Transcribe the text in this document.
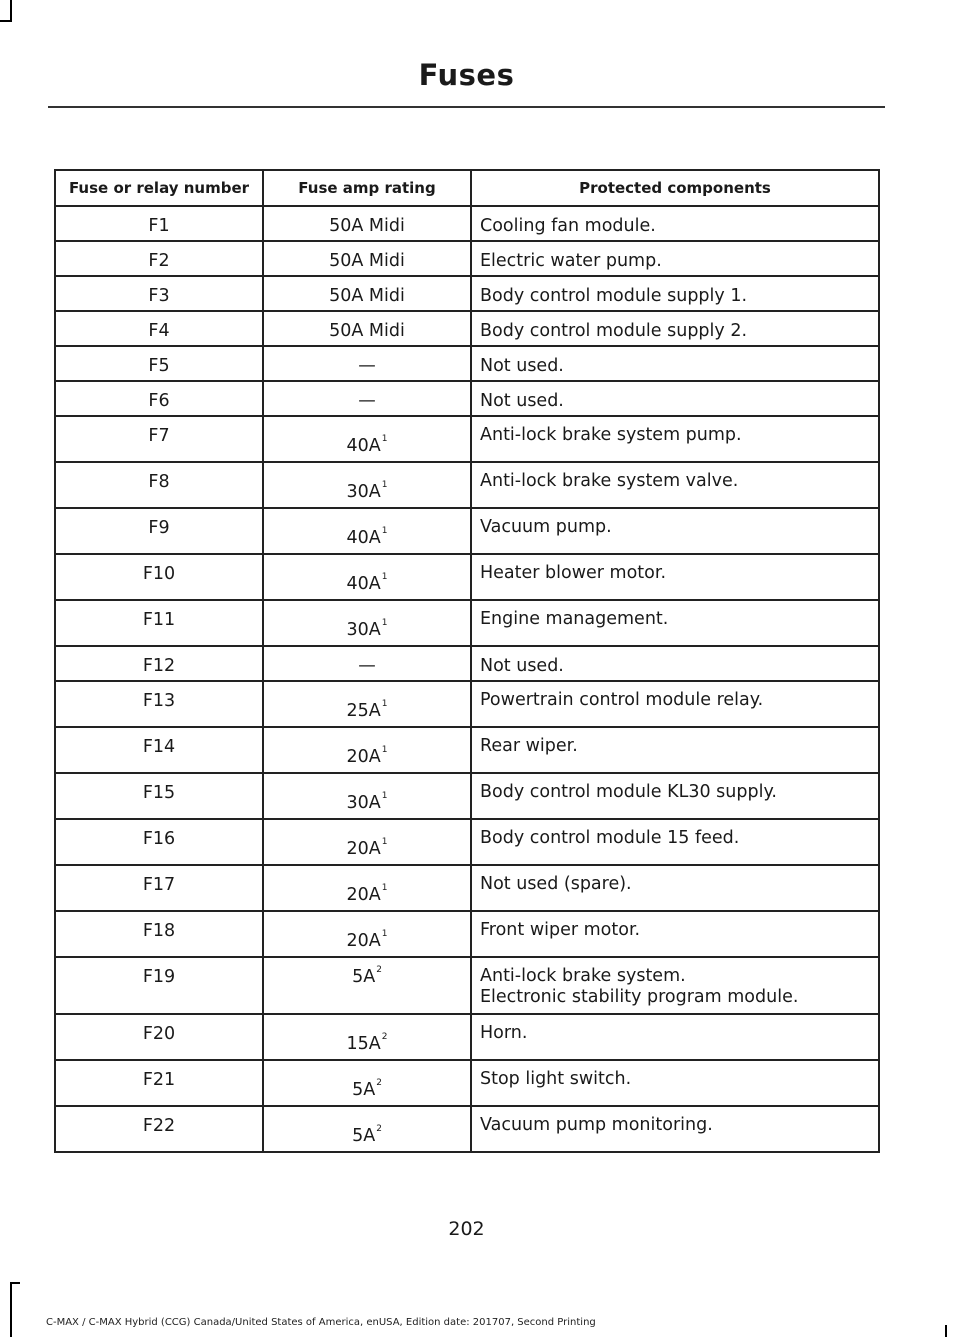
Fuses
Fuse or relay number	Fuse amp rating	Protected components
F1	50A Midi	Cooling fan module.

F2	50A Midi	Electric water pump.

F3	50A Midi	Body control module supply 1.

F4	50A Midi	Body control module supply 2.

F5	—	Not used.

F6	—	Not used.

F7	$40A^1$	Anti-lock brake system pump.

F8	$30A^1$	Anti-lock brake system valve.

F9	$40A^1$	Vacuum pump.

F10	$40A^1$	Heater blower motor.

F11	$30A^1$	Engine management.

F12	—	Not used.

F13	$25A^1$	Powertrain control module relay.

F14	$20A^1$	Rear wiper.

F15	$30A^1$	Body control module KL30 supply.

F16	$20A^1$	Body control module 15 feed.

F17	$20A^1$	Not used (spare).

F18	$20A^1$	Front wiper motor.

F19	$5A^2$	Anti-lock brake system.
Electronic stability program module.

F20	$15A^2$	Horn.

F21	$5A^2$	Stop light switch.

F22	$5A^2$	Vacuum pump monitoring.
202
C-MAX / C-MAX Hybrid (CCG) Canada/United States of America, enUSA, Edition date: 201707, Second Printing
